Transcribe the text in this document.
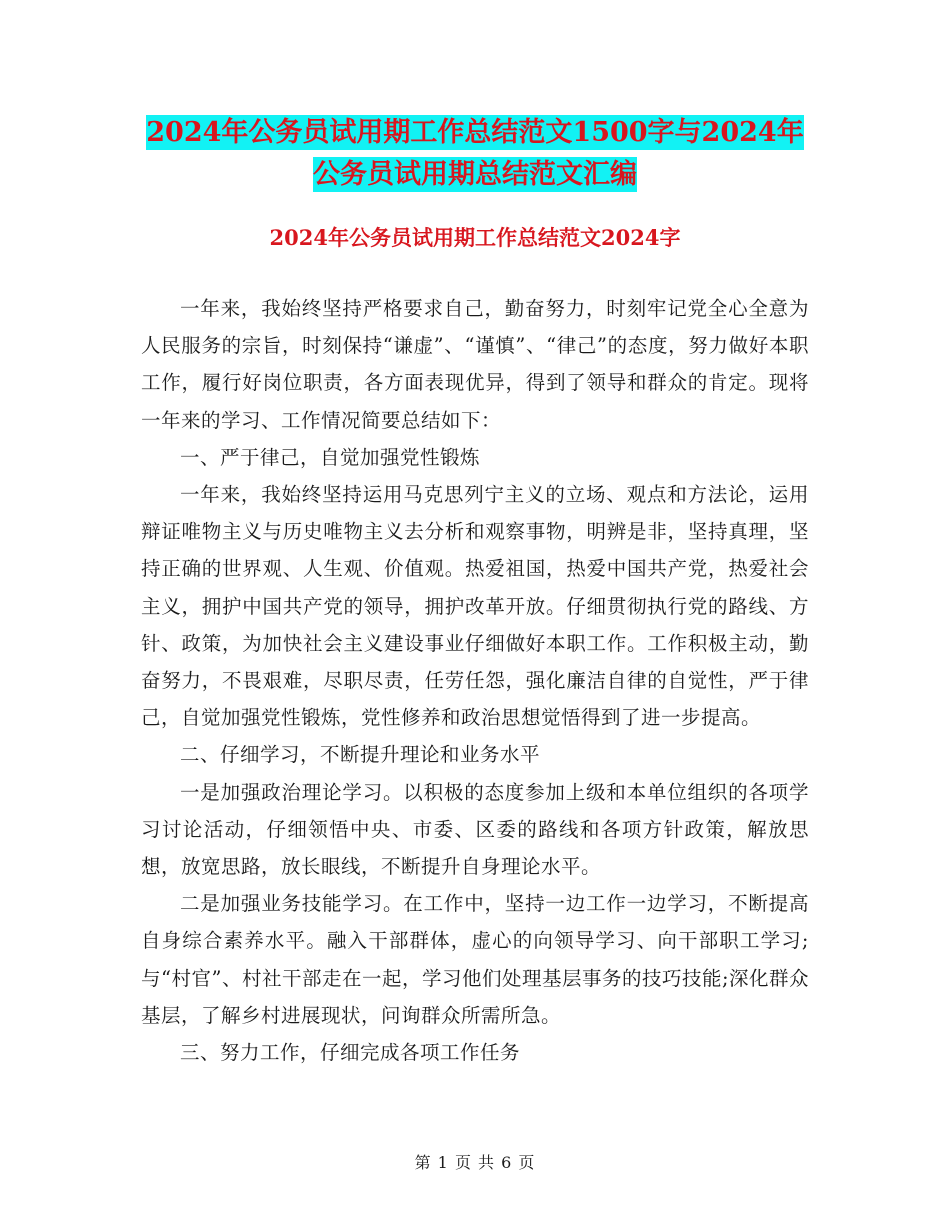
2024年公务员试用期工作总结范文1500字与2024年
公务员试用期总结范文汇编
2024年公务员试用期工作总结范文2024字

一年来，我始终坚持严格要求自己，勤奋努力，时刻牢记党全心全意为人民服务的宗旨，时刻保持“谦虚”、“谨慎”、“律己”的态度，努力做好本职工作，履行好岗位职责，各方面表现优异，得到了领导和群众的肯定。现将一年来的学习、工作情况简要总结如下：

一、严于律己，自觉加强党性锻炼

一年来，我始终坚持运用马克思列宁主义的立场、观点和方法论，运用辩证唯物主义与历史唯物主义去分析和观察事物，明辨是非，坚持真理，坚持正确的世界观、人生观、价值观。热爱祖国，热爱中国共产党，热爱社会主义，拥护中国共产党的领导，拥护改革开放。仔细贯彻执行党的路线、方针、政策，为加快社会主义建设事业仔细做好本职工作。工作积极主动，勤奋努力，不畏艰难，尽职尽责，任劳任怨，强化廉洁自律的自觉性，严于律己，自觉加强党性锻炼，党性修养和政治思想觉悟得到了进一步提高。

二、仔细学习，不断提升理论和业务水平

一是加强政治理论学习。以积极的态度参加上级和本单位组织的各项学习讨论活动，仔细领悟中央、市委、区委的路线和各项方针政策，解放思想，放宽思路，放长眼线，不断提升自身理论水平。

二是加强业务技能学习。在工作中，坚持一边工作一边学习，不断提高自身综合素养水平。融入干部群体，虚心的向领导学习、向干部职工学习;与“村官”、村社干部走在一起，学习他们处理基层事务的技巧技能;深化群众基层，了解乡村进展现状，问询群众所需所急。

三、努力工作，仔细完成各项工作任务

第 1 页 共 6 页
